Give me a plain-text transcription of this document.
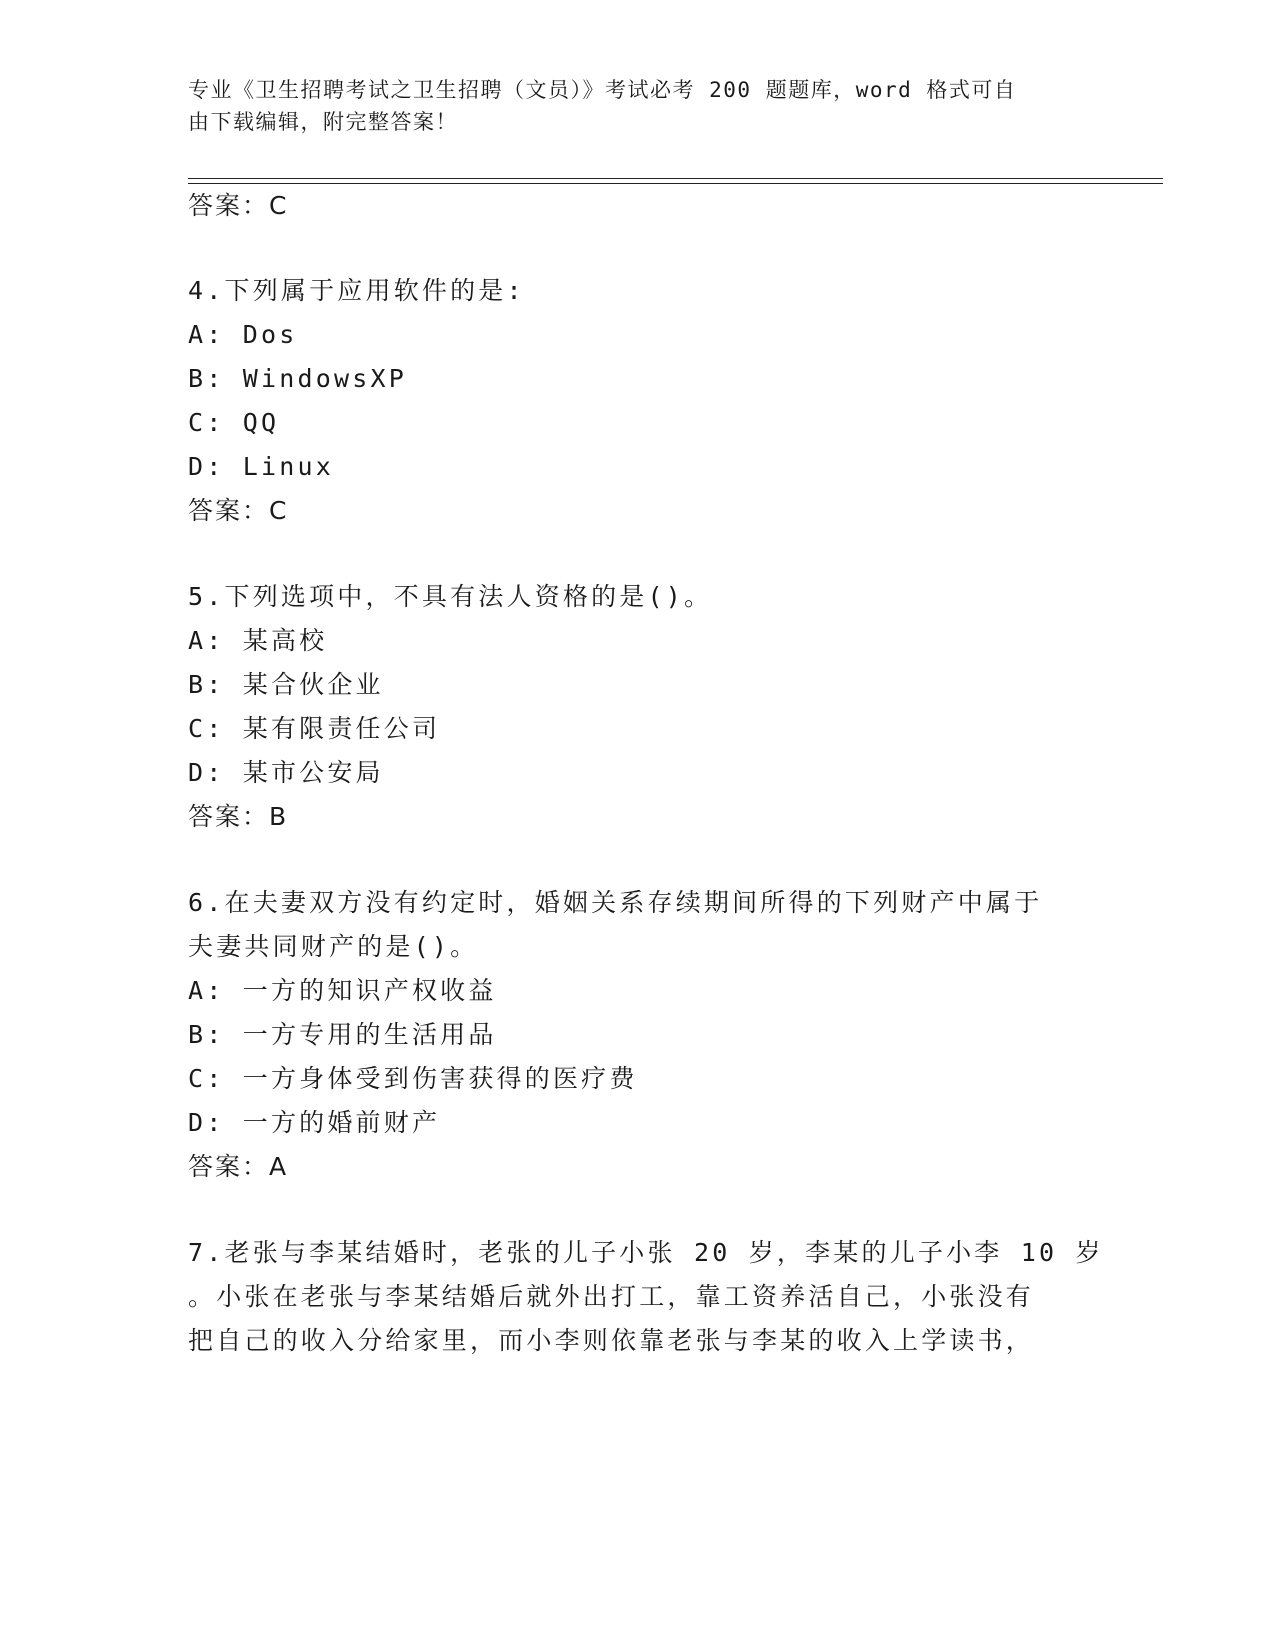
专业《卫生招聘考试之卫生招聘（文员）》考试必考 200 题题库，word 格式可自
由下载编辑，附完整答案！
答案：C
4.下列属于应用软件的是:
A: Dos
B: WindowsXP
C: QQ
D: Linux
答案：C
5.下列选项中，不具有法人资格的是()。
A: 某高校
B: 某合伙企业
C: 某有限责任公司
D: 某市公安局
答案：B
6.在夫妻双方没有约定时，婚姻关系存续期间所得的下列财产中属于
夫妻共同财产的是()。
A: 一方的知识产权收益
B: 一方专用的生活用品
C: 一方身体受到伤害获得的医疗费
D: 一方的婚前财产
答案：A
7.老张与李某结婚时，老张的儿子小张 20 岁，李某的儿子小李 10 岁
。小张在老张与李某结婚后就外出打工，靠工资养活自己，小张没有
把自己的收入分给家里，而小李则依靠老张与李某的收入上学读书，
